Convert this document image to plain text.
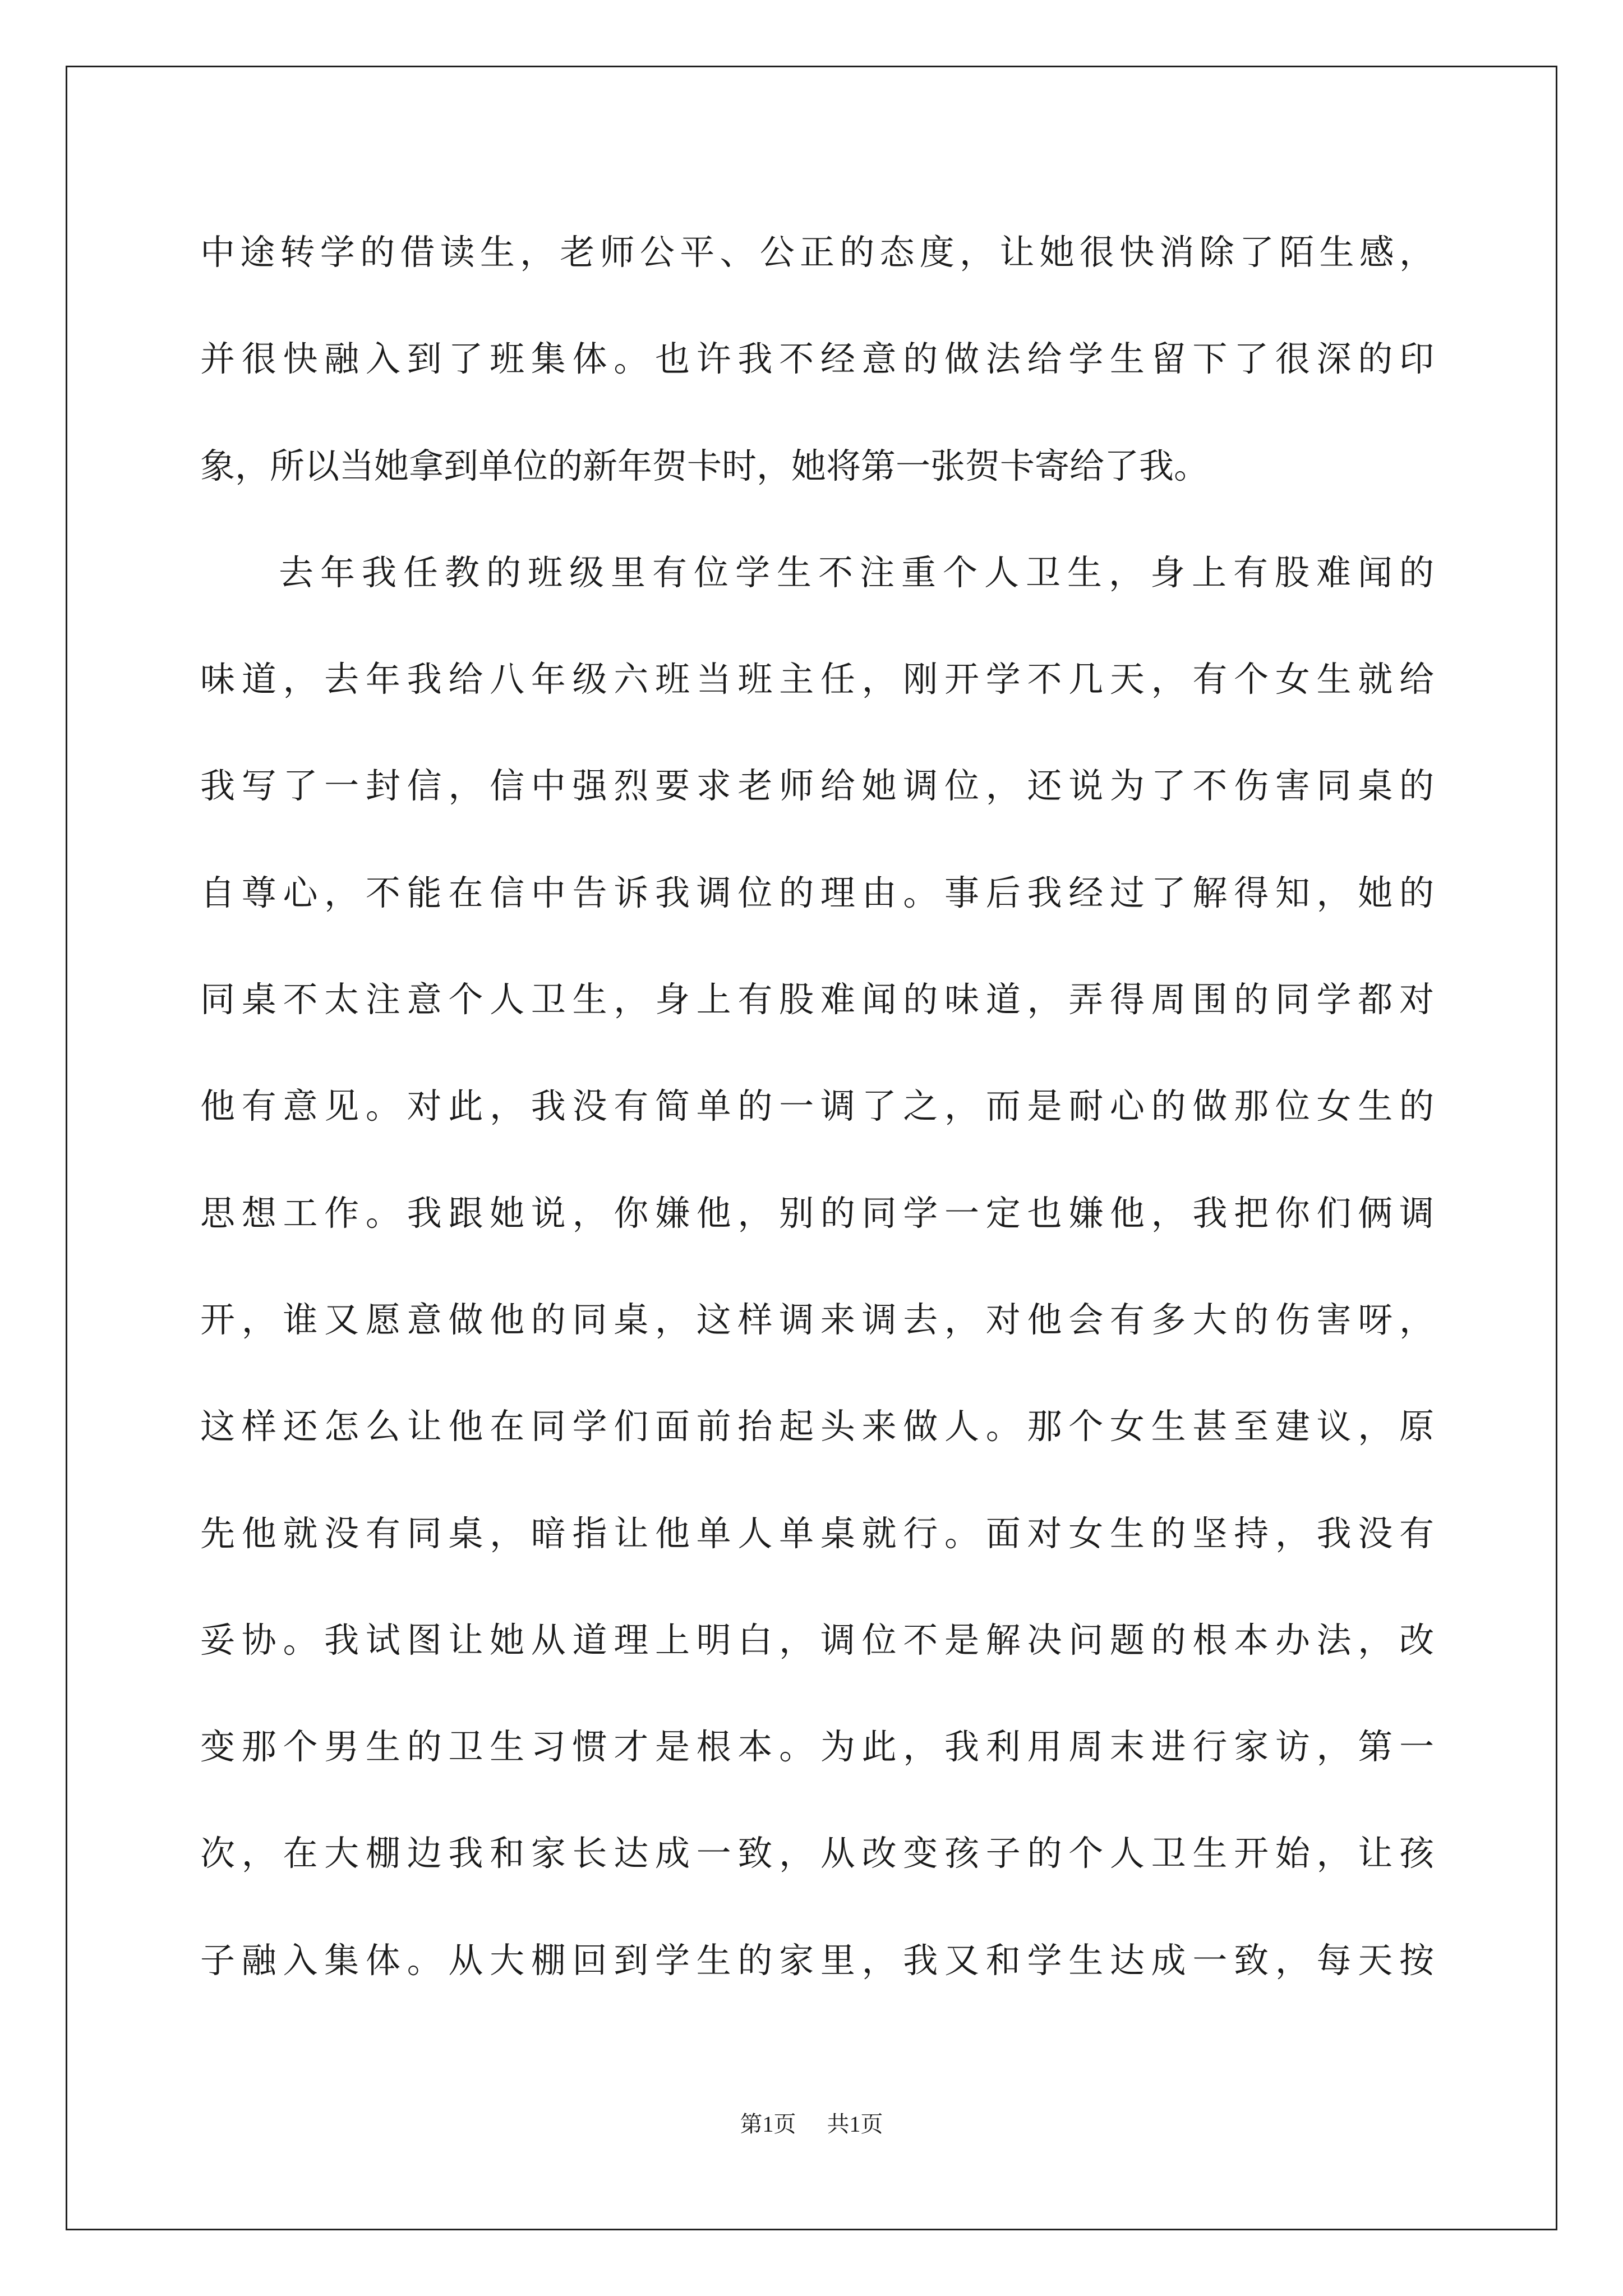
中途转学的借读生，老师公平、公正的态度，让她很快消除了陌生感，
并很快融入到了班集体。也许我不经意的做法给学生留下了很深的印
象，所以当她拿到单位的新年贺卡时，她将第一张贺卡寄给了我。
去年我任教的班级里有位学生不注重个人卫生，身上有股难闻的
味道，去年我给八年级六班当班主任，刚开学不几天，有个女生就给
我写了一封信，信中强烈要求老师给她调位，还说为了不伤害同桌的
自尊心，不能在信中告诉我调位的理由。事后我经过了解得知，她的
同桌不太注意个人卫生，身上有股难闻的味道，弄得周围的同学都对
他有意见。对此，我没有简单的一调了之，而是耐心的做那位女生的
思想工作。我跟她说，你嫌他，别的同学一定也嫌他，我把你们俩调
开，谁又愿意做他的同桌，这样调来调去，对他会有多大的伤害呀，
这样还怎么让他在同学们面前抬起头来做人。那个女生甚至建议，原
先他就没有同桌，暗指让他单人单桌就行。面对女生的坚持，我没有
妥协。我试图让她从道理上明白，调位不是解决问题的根本办法，改
变那个男生的卫生习惯才是根本。为此，我利用周末进行家访，第一
次，在大棚边我和家长达成一致，从改变孩子的个人卫生开始，让孩
子融入集体。从大棚回到学生的家里，我又和学生达成一致，每天按
第1页 共1页
